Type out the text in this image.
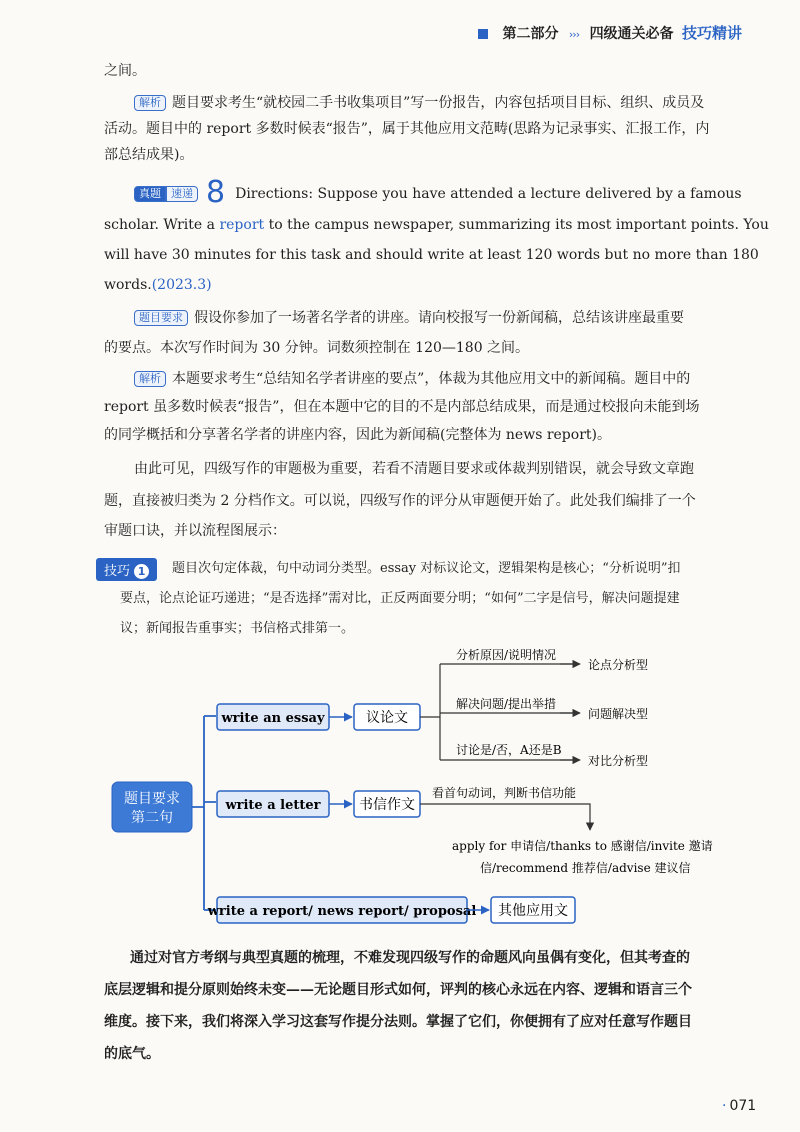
第二部分 ››› 四级通关必备 技巧精讲
之间。
解析 题目要求考生“就校园二手书收集项目”写一份报告，内容包括项目目标、组织、成员及
活动。题目中的 report 多数时候表“报告”，属于其他应用文范畴(思路为记录事实、汇报工作，内
部总结成果)。
真题 速递 8 Directions: Suppose you have attended a lecture delivered by a famous
scholar. Write a report to the campus newspaper, summarizing its most important points. You
will have 30 minutes for this task and should write at least 120 words but no more than 180
words.(2023.3)
题目要求 假设你参加了一场著名学者的讲座。请向校报写一份新闻稿，总结该讲座最重要
的要点。本次写作时间为 30 分钟。词数须控制在 120—180 之间。
解析 本题要求考生“总结知名学者讲座的要点”，体裁为其他应用文中的新闻稿。题目中的
report 虽多数时候表“报告”，但在本题中它的目的不是内部总结成果，而是通过校报向未能到场
的同学概括和分享著名学者的讲座内容，因此为新闻稿(完整体为 news report)。
由此可见，四级写作的审题极为重要，若看不清题目要求或体裁判别错误，就会导致文章跑
题，直接被归类为 2 分档作文。可以说，四级写作的评分从审题便开始了。此处我们编排了一个
审题口诀，并以流程图展示：
技巧 1	题目次句定体裁，句中动词分类型。essay 对标议论文，逻辑架构是核心；“分析说明”扣
要点，论点论证巧递进；“是否选择”需对比，正反两面要分明；“如何”二字是信号，解决问题提建
议；新闻报告重事实；书信格式排第一。
题目要求
第二句
write an essay	议论文
分析原因/说明情况
论点分析型
解决问题/提出举措
问题解决型
讨论是/否，A还是B
对比分析型
write a letter	书信作文
看首句动词，判断书信功能
apply for 申请信/thanks to 感谢信/invite 邀请
信/recommend 推荐信/advise 建议信
write a report/ news report/ proposal 其他应用文
通过对官方考纲与典型真题的梳理，不难发现四级写作的命题风向虽偶有变化，但其考查的
底层逻辑和提分原则始终未变——无论题目形式如何，评判的核心永远在内容、逻辑和语言三个
维度。接下来，我们将深入学习这套写作提分法则。掌握了它们，你便拥有了应对任意写作题目
的底气。
· 071
